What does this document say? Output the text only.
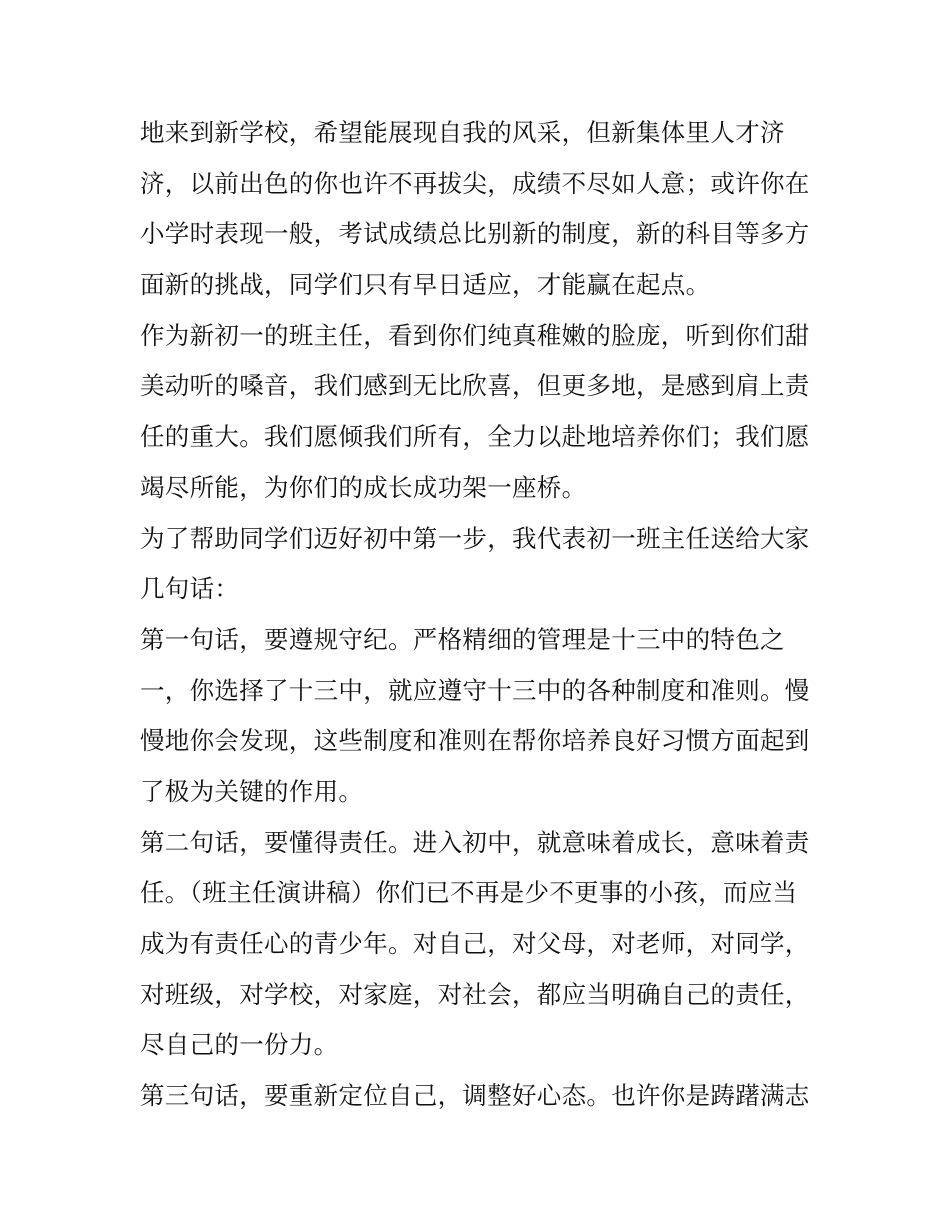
地来到新学校，希望能展现自我的风采，但新集体里人才济
济，以前出色的你也许不再拔尖，成绩不尽如人意；或许你在
小学时表现一般，考试成绩总比别新的制度，新的科目等多方
面新的挑战，同学们只有早日适应，才能赢在起点。
作为新初一的班主任，看到你们纯真稚嫩的脸庞，听到你们甜
美动听的嗓音，我们感到无比欣喜，但更多地，是感到肩上责
任的重大。我们愿倾我们所有，全力以赴地培养你们；我们愿
竭尽所能，为你们的成长成功架一座桥。
为了帮助同学们迈好初中第一步，我代表初一班主任送给大家
几句话：
第一句话，要遵规守纪。严格精细的管理是十三中的特色之
一，你选择了十三中，就应遵守十三中的各种制度和准则。慢
慢地你会发现，这些制度和准则在帮你培养良好习惯方面起到
了极为关键的作用。
第二句话，要懂得责任。进入初中，就意味着成长，意味着责
任。（班主任演讲稿）你们已不再是少不更事的小孩，而应当
成为有责任心的青少年。对自己，对父母，对老师，对同学，
对班级，对学校，对家庭，对社会，都应当明确自己的责任，
尽自己的一份力。
第三句话，要重新定位自己，调整好心态。也许你是踌躇满志
